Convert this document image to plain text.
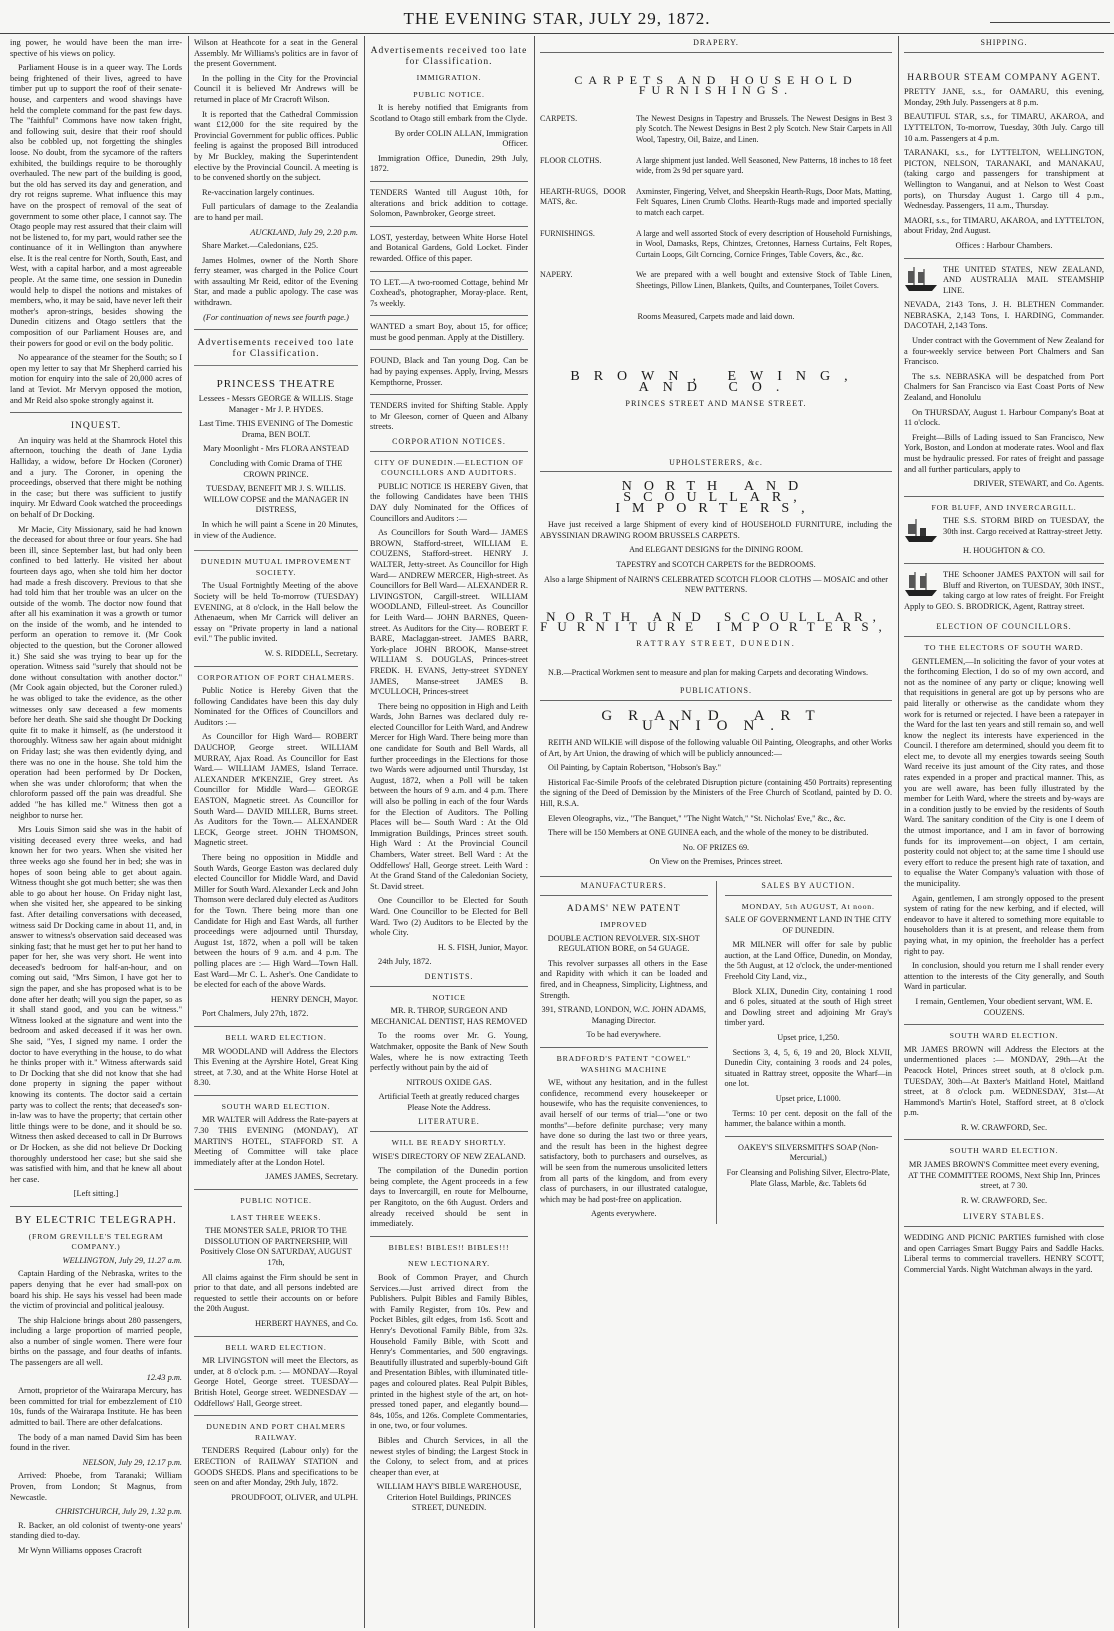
THE EVENING STAR, JULY 29, 1872.

ing power, he would have been the man irre- spective of his views on policy.

Parliament House is in a queer way. The Lords being frightened of their lives, agreed to have timber put up to support the roof of their senate-house, and carpenters and wood shavings have held the complete command for the past few days. The "faithful" Commons have now taken fright, and following suit, desire that their roof should also be cobbled up, not forgetting the shingles loose. No doubt, from the sycamore of the rafters exhibited, the buildings require to be thoroughly overhauled. The new part of the building is good, but the old has served its day and generation, and dry rot reigns supreme. What influence this may have on the prospect of removal of the seat of government to some other place, I cannot say. The Otago people may rest assured that their claim will not be listened to, for my part, would rather see the continuance of it in Wellington than anywhere else. It is the real centre for North, South, East, and West, with a capital harbor, and a most agreeable people. At the same time, one session in Dunedin would help to dispel the notions and mistakes of members, who, it may be said, have never left their mother's apron-strings, besides showing the Dunedin citizens and Otago settlers that the composition of our Parliament Houses are, and their powers for good or evil on the body politic.

No appearance of the steamer for the South; so I open my letter to say that Mr Shepherd carried his motion for enquiry into the sale of 20,000 acres of land at Teviot. Mr Mervyn opposed the motion, and Mr Reid also spoke strongly against it.

INQUEST.

An inquiry was held at the Shamrock Hotel this afternoon, touching the death of Jane Lydia Halliday, a widow, before Dr Hocken (Coroner) and a jury. The Coroner, in opening the proceedings, observed that there might be nothing in the case; but there was sufficient to justify inquiry. Mr Edward Cook watched the proceedings on behalf of Dr Docking.

Mr Macie, City Missionary, said he had known the deceased for about three or four years. She had been ill, since September last, but had only been confined to bed latterly. He visited her about fourteen days ago, when she told him her doctor had made a fresh discovery. Previous to that she had told him that her trouble was an ulcer on the outside of the womb. The doctor now found that after all his examination it was a growth or tumor on the inside of the womb, and he intended to perform an operation to remove it. (Mr Cook objected to the question, but the Coroner allowed it.) She said she was trying to bear up for the operation. Witness said "surely that should not be done without consultation with another doctor." (Mr Cook again objected, but the Coroner ruled.) he was obliged to take the evidence, as the other witnesses only saw deceased a few moments before her death. She said she thought Dr Docking quite fit to make it himself, as (he understood it thoroughly. Witness saw her again about midnight on Friday last; she was then evidently dying, and there was no one in the house. She told him the operation had been performed by Dr Docken, when she was under chloroform; that when the chloroform passed off the pain was dreadful. She added "he has killed me." Witness then got a neighbor to nurse her.

Mrs Louis Simon said she was in the habit of visiting deceased every three weeks, and had known her for two years. When she visited her three weeks ago she found her in bed; she was in hopes of soon being able to get about again. Witness thought she got much better; she was then able to go about her house. On Friday night last, when she visited her, she appeared to be sinking fast. After detailing conversations with deceased, witness said Dr Docking came in about 11, and, in answer to witness's observation said deceased was sinking fast; that he must get her to put her hand to paper for her, she was very short. He went into deceased's bedroom for half-an-hour, and on coming out said, "Mrs Simon, I have got her to sign the paper, and she has proposed what is to be done after her death; will you sign the paper, so as it shall stand good, and you can be witness." Witness looked at the signature and went into the bedroom and asked deceased if it was her own. She said, "Yes, I signed my name. I order the doctor to have everything in the house, to do what he thinks proper with it." Witness afterwards said to Dr Docking that she did not know that she had done property in signing the paper without knowing its contents. The doctor said a certain party was to collect the rents; that deceased's son-in-law was to have the property; that certain other little things were to be done, and it should be so. Witness then asked deceased to call in Dr Burrows or Dr Hocken, as she did not believe Dr Docking thoroughly understood her case; but she said she was satisfied with him, and that he knew all about her case.

[Left sitting.]

BY ELECTRIC TELEGRAPH.
(FROM GREVILLE'S TELEGRAM COMPANY.)
WELLINGTON, July 29, 11.27 a.m.

Captain Harding of the Nebraska, writes to the papers denying that he ever had small-pox on board his ship. He says his vessel had been made the victim of provincial and political jealousy.

The ship Halcione brings about 280 passengers, including a large proportion of married people, also a number of single women. There were four births on the passage, and four deaths of infants. The passengers are all well.

12.43 p.m.

Arnott, proprietor of the Wairarapa Mercury, has been committed for trial for embezzlement of £10 10s, funds of the Wairarapa Institute. He has been admitted to bail. There are other defalcations.

The body of a man named David Sim has been found in the river.

NELSON, July 29, 12.17 p.m.

Arrived: Phoebe, from Taranaki; William Proven, from London; St Magnus, from Newcastle.

CHRISTCHURCH, July 29, 1.32 p.m.

R. Backer, an old colonist of twenty-one years' standing died to-day.

Mr Wynn Williams opposes Cracroft

Wilson at Heathcote for a seat in the General Assembly. Mr Williams's politics are in favor of the present Government.

In the polling in the City for the Provincial Council it is believed Mr Andrews will be returned in place of Mr Cracroft Wilson.

It is reported that the Cathedral Commission want £12,000 for the site required by the Provincial Government for public offices. Public feeling is against the proposed Bill introduced by Mr Buckley, making the Superintendent elective by the Provincial Council. A meeting is to be convened shortly on the subject.

Re-vaccination largely continues.

Full particulars of damage to the Zealandia are to hand per mail.

AUCKLAND, July 29, 2.20 p.m.

Share Market.—Caledonians, £25.

James Holmes, owner of the North Shore ferry steamer, was charged in the Police Court with assaulting Mr Reid, editor of the Evening Star, and made a public apology. The case was withdrawn.

(For continuation of news see fourth page.)

Advertisements received too late for Classification.
PRINCESS THEATRE

Lessees - Messrs GEORGE & WILLIS. Stage Manager - Mr J. P. HYDES.

Last Time. THIS EVENING of The Domestic Drama, BEN BOLT.

Mary Moonlight - Mrs FLORA ANSTEAD

Concluding with Comic Drama of THE CROWN PRINCE.

TUESDAY, BENEFIT MR J. S. WILLIS. WILLOW COPSE and the MANAGER IN DISTRESS,

In which he will paint a Scene in 20 Minutes, in view of the Audience.

DUNEDIN MUTUAL IMPROVEMENT SOCIETY.

The Usual Fortnightly Meeting of the above Society will be held To-morrow (TUESDAY) EVENING, at 8 o'clock, in the Hall below the Athenaeum, when Mr Carrick will deliver an essay on "Private property in land a national evil." The public invited.

W. S. RIDDELL, Secretary.

CORPORATION OF PORT CHALMERS.

Public Notice is Hereby Given that the following Candidates have been this day duly Nominated for the Offices of Councillors and Auditors :—

As Councillor for High Ward— ROBERT DAUCHOP, George street. WILLIAM MURRAY, Ajax Road. As Councillor for East Ward.— WILLIAM JAMES, Island Terrace. ALEXANDER M'KENZIE, Grey street. As Councillor for Middle Ward— GEORGE EASTON, Magnetic street. As Councillor for South Ward— DAVID MILLER, Burns street. As Auditors for the Town.— ALEXANDER LECK, George street. JOHN THOMSON, Magnetic street.

There being no opposition in Middle and South Wards, George Easton was declared duly elected Councillor for Middle Ward, and David Miller for South Ward. Alexander Leck and John Thomson were declared duly elected as Auditors for the Town. There being more than one Candidate for High and East Wards, all further proceedings were adjourned until Thursday, August 1st, 1872, when a poll will be taken between the hours of 9 a.m. and 4 p.m. The polling places are :— High Ward—Town Hall. East Ward—Mr C. L. Asher's. One Candidate to be elected for each of the above Wards.

HENRY DENCH, Mayor.

Port Chalmers, July 27th, 1872.

BELL WARD ELECTION.

MR WOODLAND will Address the Electors This Evening at the Ayrshire Hotel, Great King street, at 7.30, and at the White Horse Hotel at 8.30.

SOUTH WARD ELECTION.

MR WALTER will Address the Rate-payers at 7.30 THIS EVENING (MONDAY), AT MARTIN'S HOTEL, STAFFORD ST. A Meeting of Committee will take place immediately after at the London Hotel.

JAMES JAMES, Secretary.

PUBLIC NOTICE.
LAST THREE WEEKS.

THE MONSTER SALE, PRIOR TO THE DISSOLUTION OF PARTNERSHIP, Will Positively Close ON SATURDAY, AUGUST 17th,

All claims against the Firm should be sent in prior to that date, and all persons indebted are requested to settle their accounts on or before the 20th August.

HERBERT HAYNES, and Co.

BELL WARD ELECTION.

MR LIVINGSTON will meet the Electors, as under, at 8 o'clock p.m. :— MONDAY—Royal George Hotel, George street. TUESDAY—British Hotel, George street. WEDNESDAY — Oddfellows' Hall, George street.

DUNEDIN AND PORT CHALMERS RAILWAY.

TENDERS Required (Labour only) for the ERECTION of RAILWAY STATION and GOODS SHEDS. Plans and specifications to be seen on and after Monday, 29th July, 1872.

PROUDFOOT, OLIVER, and ULPH.

Advertisements received too late for Classification.
IMMIGRATION.
PUBLIC NOTICE.

It is hereby notified that Emigrants from Scotland to Otago still embark from the Clyde.

By order COLIN ALLAN, Immigration Officer.

Immigration Office, Dunedin, 29th July, 1872.

TENDERS Wanted till August 10th, for alterations and brick addition to cottage. Solomon, Pawnbroker, George street.

LOST, yesterday, between White Horse Hotel and Botanical Gardens, Gold Locket. Finder rewarded. Office of this paper.

TO LET.—A two-roomed Cottage, behind Mr Coxhead's, photographer, Moray-place. Rent, 7s weekly.

WANTED a smart Boy, about 15, for office; must be good penman. Apply at the Distillery.

FOUND, Black and Tan young Dog. Can be had by paying expenses. Apply, Irving, Messrs Kempthorne, Prosser.

TENDERS invited for Shifting Stable. Apply to Mr Gleeson, corner of Queen and Albany streets.

CORPORATION NOTICES.
CITY OF DUNEDIN.—ELECTION OF COUNCILLORS AND AUDITORS.

PUBLIC NOTICE IS HEREBY Given, that the following Candidates have been THIS DAY duly Nominated for the Offices of Councillors and Auditors :—

As Councillors for South Ward— JAMES BROWN, Stafford-street, WILLIAM E. COUZENS, Stafford-street. HENRY J. WALTER, Jetty-street. As Councillor for High Ward— ANDREW MERCER, High-street. As Councillors for Bell Ward— ALEXANDER R. LIVINGSTON, Cargill-street. WILLIAM WOODLAND, Filleul-street. As Councillor for Leith Ward— JOHN BARNES, Queen-street. As Auditors for the City— ROBERT F. BARE, Maclaggan-street. JAMES BARR, York-place JOHN BROOK, Manse-street WILLIAM S. DOUGLAS, Princes-street FREDK. H. EVANS, Jetty-street SYDNEY JAMES, Manse-street JAMES B. M'CULLOCH, Princes-street

There being no opposition in High and Leith Wards, John Barnes was declared duly re-elected Councillor for Leith Ward, and Andrew Mercer for High Ward. There being more than one candidate for South and Bell Wards, all further proceedings in the Elections for those two Wards were adjourned until Thursday, 1st August, 1872, when a Poll will be taken between the hours of 9 a.m. and 4 p.m. There will also be polling in each of the four Wards for the Election of Auditors. The Polling Places will be— South Ward : At the Old Immigration Buildings, Princes street south. High Ward : At the Provincial Council Chambers, Water street. Bell Ward : At the Oddfellows' Hall, George street. Leith Ward : At the Grand Stand of the Caledonian Society, St. David street.

One Councillor to be Elected for South Ward. One Councillor to be Elected for Bell Ward. Two (2) Auditors to be Elected by the whole City.

H. S. FISH, Junior, Mayor.

24th July, 1872.

DENTISTS.
NOTICE

MR. R. THROP, SURGEON AND MECHANICAL DENTIST, HAS REMOVED

To the rooms over Mr. G. Young, Watchmaker, opposite the Bank of New South Wales, where he is now extracting Teeth perfectly without pain by the aid of

NITROUS OXIDE GAS.

Artificial Teeth at greatly reduced charges Please Note the Address.

LITERATURE.
WILL BE READY SHORTLY.

WISE'S DIRECTORY OF NEW ZEALAND.

The compilation of the Dunedin portion being complete, the Agent proceeds in a few days to Invercargill, en route for Melbourne, per Rangitoto, on the 6th August. Orders and already received should be sent in immediately.

BIBLES! BIBLES!! BIBLES!!!
NEW LECTIONARY.

Book of Common Prayer, and Church Services.—Just arrived direct from the Publishers. Pulpit Bibles and Family Bibles, with Family Register, from 10s. Pew and Pocket Bibles, gilt edges, from 1s6. Scott and Henry's Devotional Family Bible, from 32s. Household Family Bible, with Scott and Henry's Commentaries, and 500 engravings. Beautifully illustrated and superbly-bound Gift and Presentation Bibles, with illuminated title-pages and coloured plates. Real Pulpit Bibles, printed in the highest style of the art, on hot-pressed toned paper, and elegantly bound—84s, 105s, and 126s. Complete Commentaries, in one, two, or four volumes.

Bibles and Church Services, in all the newest styles of binding; the Largest Stock in the Colony, to select from, and at prices cheaper than ever, at

WILLIAM HAY'S BIBLE WAREHOUSE, Criterion Hotel Buildings, PRINCES STREET, DUNEDIN.

DRAPERY.
CARPETS AND HOUSEHOLD FURNISHINGS.
CARPETS.	The Newest Designs in Tapestry and Brussels. The Newest Designs in Best 3 ply Scotch. The Newest Designs in Best 2 ply Scotch. New Stair Carpets in All Wool, Tapestry, Oil, Baize, and Linen.
FLOOR CLOTHS.	A large shipment just landed. Well Seasoned, New Patterns, 18 inches to 18 feet wide, from 2s 9d per square yard.
HEARTH-RUGS, DOOR MATS, &c.
Axminster, Fingering, Velvet, and Sheepskin Hearth-Rugs, Door Mats, Matting, Felt Squares, Linen Crumb Cloths. Hearth-Rugs made and imported specially to match each carpet.
FURNISHINGS.	A large and well assorted Stock of every description of Household Furnishings, in Wool, Damasks, Reps, Chintzes, Cretonnes, Harness Curtains, Felt Ropes, Curtain Loops, Gilt Corncing, Cornice Fringes, Table Covers, &c., &c.
NAPERY.	We are prepared with a well bought and extensive Stock of Table Linen, Sheetings, Pillow Linen, Blankets, Quilts, and Counterpanes, Toilet Covers.

Rooms Measured, Carpets made and laid down.

BROWN, EWING, AND CO.

PRINCES STREET AND MANSE STREET.

UPHOLSTERERS, &c.
NORTH AND SCOULLAR, IMPORTERS,

Have just received a large Shipment of every kind of HOUSEHOLD FURNITURE, including the ABYSSINIAN DRAWING ROOM BRUSSELS CARPETS.

And ELEGANT DESIGNS for the DINING ROOM.

TAPESTRY and SCOTCH CARPETS for the BEDROOMS.

Also a large Shipment of NAIRN'S CELEBRATED SCOTCH FLOOR CLOTHS — MOSAIC and other NEW PATTERNS.

NORTH AND SCOULLAR, FURNITURE IMPORTERS,

RATTRAY STREET, DUNEDIN.

N.B.—Practical Workmen sent to measure and plan for making Carpets and decorating Windows.

PUBLICATIONS.
GRAND ART UNION.

REITH AND WILKIE will dispose of the following valuable Oil Painting, Oleographs, and other Works of Art, by Art Union, the drawing of which will be publicly announced:—

Oil Painting, by Captain Robertson, "Hobson's Bay."

Historical Fac-Simile Proofs of the celebrated Disruption picture (containing 450 Portraits) representing the signing of the Deed of Demission by the Ministers of the Free Church of Scotland, painted by D. O. Hill, R.S.A.

Eleven Oleographs, viz., "The Banquet," "The Night Watch," "St. Nicholas' Eve," &c., &c.

There will be 150 Members at ONE GUINEA each, and the whole of the money to be distributed.

No. OF PRIZES 69.

On View on the Premises, Princes street.

MANUFACTURERS.
ADAMS' NEW PATENT
IMPROVED

DOUBLE ACTION REVOLVER. SIX-SHOT REGULATION BORE, on 54 GUAGE.

This revolver surpasses all others in the Ease and Rapidity with which it can be loaded and fired, and in Cheapness, Simplicity, Lightness, and Strength.

391, STRAND, LONDON, W.C. JOHN ADAMS, Managing Director.

To be had everywhere.

BRADFORD'S PATENT "COWEL" WASHING MACHINE

WE, without any hesitation, and in the fullest confidence, recommend every housekeeper or housewife, who has the requisite conveniences, to avail herself of our terms of trial—"one or two months"—before definite purchase; very many have done so during the last two or three years, and the result has been in the highest degree satisfactory, both to purchasers and ourselves, as will be seen from the numerous unsolicited letters from all parts of the kingdom, and from every class of purchasers, in our illustrated catalogue, which may be had post-free on application.

Agents everywhere.

SALES BY AUCTION.
MONDAY, 5th AUGUST, At noon.

SALE OF GOVERNMENT LAND IN THE CITY OF DUNEDIN.

MR MILNER will offer for sale by public auction, at the Land Office, Dunedin, on Monday, the 5th August, at 12 o'clock, the under-mentioned Freehold City Land, viz.,

Block XLIX, Dunedin City, containing 1 rood and 6 poles, situated at the south of High street and Dowling street and adjoining Mr Gray's timber yard.

Upset price, 1,250.

Sections 3, 4, 5, 6, 19 and 20, Block XLVII, Dunedin City, containing 3 roods and 24 poles, situated in Rattray street, opposite the Wharf—in one lot.

Upset price, L1000.

Terms: 10 per cent. deposit on the fall of the hammer, the balance within a month.

OAKEY'S SILVERSMITH'S SOAP (Non-Mercurial,)

For Cleansing and Polishing Silver, Electro-Plate, Plate Glass, Marble, &c. Tablets 6d

SHIPPING.
HARBOUR STEAM COMPANY AGENT.

PRETTY JANE, s.s., for OAMARU, this evening, Monday, 29th July. Passengers at 8 p.m.

BEAUTIFUL STAR, s.s., for TIMARU, AKAROA, and LYTTELTON, To-morrow, Tuesday, 30th July. Cargo till 10 a.m. Passengers at 4 p.m.

TARANAKI, s.s., for LYTTELTON, WELLINGTON, PICTON, NELSON, TARANAKI, and MANAKAU, (taking cargo and passengers for transhipment at Wellington to Wanganui, and at Nelson to West Coast ports), on Thursday August 1. Cargo till 4 p.m., Wednesday. Passengers, 11 a.m., Thursday.

MAORI, s.s., for TIMARU, AKAROA, and LYTTELTON, about Friday, 2nd August.

Offices : Harbour Chambers.

THE UNITED STATES, NEW ZEALAND, AND AUSTRALIA MAIL STEAMSHIP LINE.

NEVADA, 2143 Tons, J. H. BLETHEN Commander. NEBRASKA, 2,143 Tons, I. HARDING, Commander. DACOTAH, 2,143 Tons.

Under contract with the Government of New Zealand for a four-weekly service between Port Chalmers and San Francisco.

The s.s. NEBRASKA will be despatched from Port Chalmers for San Francisco via East Coast Ports of New Zealand, and Honolulu

On THURSDAY, August 1. Harbour Company's Boat at 11 o'clock.

Freight—Bills of Lading issued to San Francisco, New York, Boston, and London at moderate rates. Wool and flax must be hydraulic pressed. For rates of freight and passage and all further particulars, apply to

DRIVER, STEWART, and Co. Agents.

FOR BLUFF, AND INVERCARGILL.

THE S.S. STORM BIRD on TUESDAY, the 30th inst. Cargo received at Rattray-street Jetty.

H. HOUGHTON & CO.

THE Schooner JAMES PAXTON will sail for Bluff and Riverton, on TUESDAY, 30th INST., taking cargo at low rates of freight. For Freight Apply to GEO. S. BRODRICK, Agent, Rattray street.

ELECTION OF COUNCILLORS.
TO THE ELECTORS OF SOUTH WARD.

GENTLEMEN,—In soliciting the favor of your votes at the forthcoming Election, I do so of my own accord, and not as the nominee of any party or clique; knowing well that requisitions in general are got up by persons who are paid literally or otherwise as the candidate whom they work for is returned or rejected. I have been a ratepayer in the Ward for the last ten years and still remain so, and well know the neglect its interests have experienced in the Council. I therefore am determined, should you deem fit to elect me, to devote all my energies towards seeing South Ward receive its just amount of the City rates, and those rates expended in a proper and practical manner. This, as you are well aware, has been fully illustrated by the member for Leith Ward, where the streets and by-ways are in a condition justly to be envied by the residents of South Ward. The sanitary condition of the City is one I deem of the utmost importance, and I am in favor of borrowing funds for its improvement—on object, I am certain, posterity could not object to; at the same time I should use every effort to reduce the present high rate of taxation, and to equalise the Water Company's valuation with those of the municipality.

Again, gentlemen, I am strongly opposed to the present system of rating for the new kerbing, and if elected, will endeavor to have it altered to something more equitable to householders than it is at present, and release them from paying what, in my opinion, the freeholder has a perfect right to pay.

In conclusion, should you return me I shall render every attention to the interests of the City generally, and South Ward in particular.

I remain, Gentlemen, Your obedient servant, WM. E. COUZENS.

SOUTH WARD ELECTION.

MR JAMES BROWN will Address the Electors at the undermentioned places :— MONDAY, 29th—At the Peacock Hotel, Princes street south, at 8 o'clock p.m. TUESDAY, 30th—At Baxter's Maitland Hotel, Maitland street, at 8 o'clock p.m. WEDNESDAY, 31st—At Hammond's Martin's Hotel, Stafford street, at 8 o'clock p.m.

R. W. CRAWFORD, Sec.

SOUTH WARD ELECTION.

MR JAMES BROWN'S Committee meet every evening, AT THE COMMITTEE ROOMS, Next Ship Inn, Princes street, at 7 30.

R. W. CRAWFORD, Sec.

LIVERY STABLES.

WEDDING AND PICNIC PARTIES furnished with close and open Carriages Smart Buggy Pairs and Saddle Hacks. Liberal terms to commercial travellers. HENRY SCOTT, Commercial Yards. Night Watchman always in the yard.
